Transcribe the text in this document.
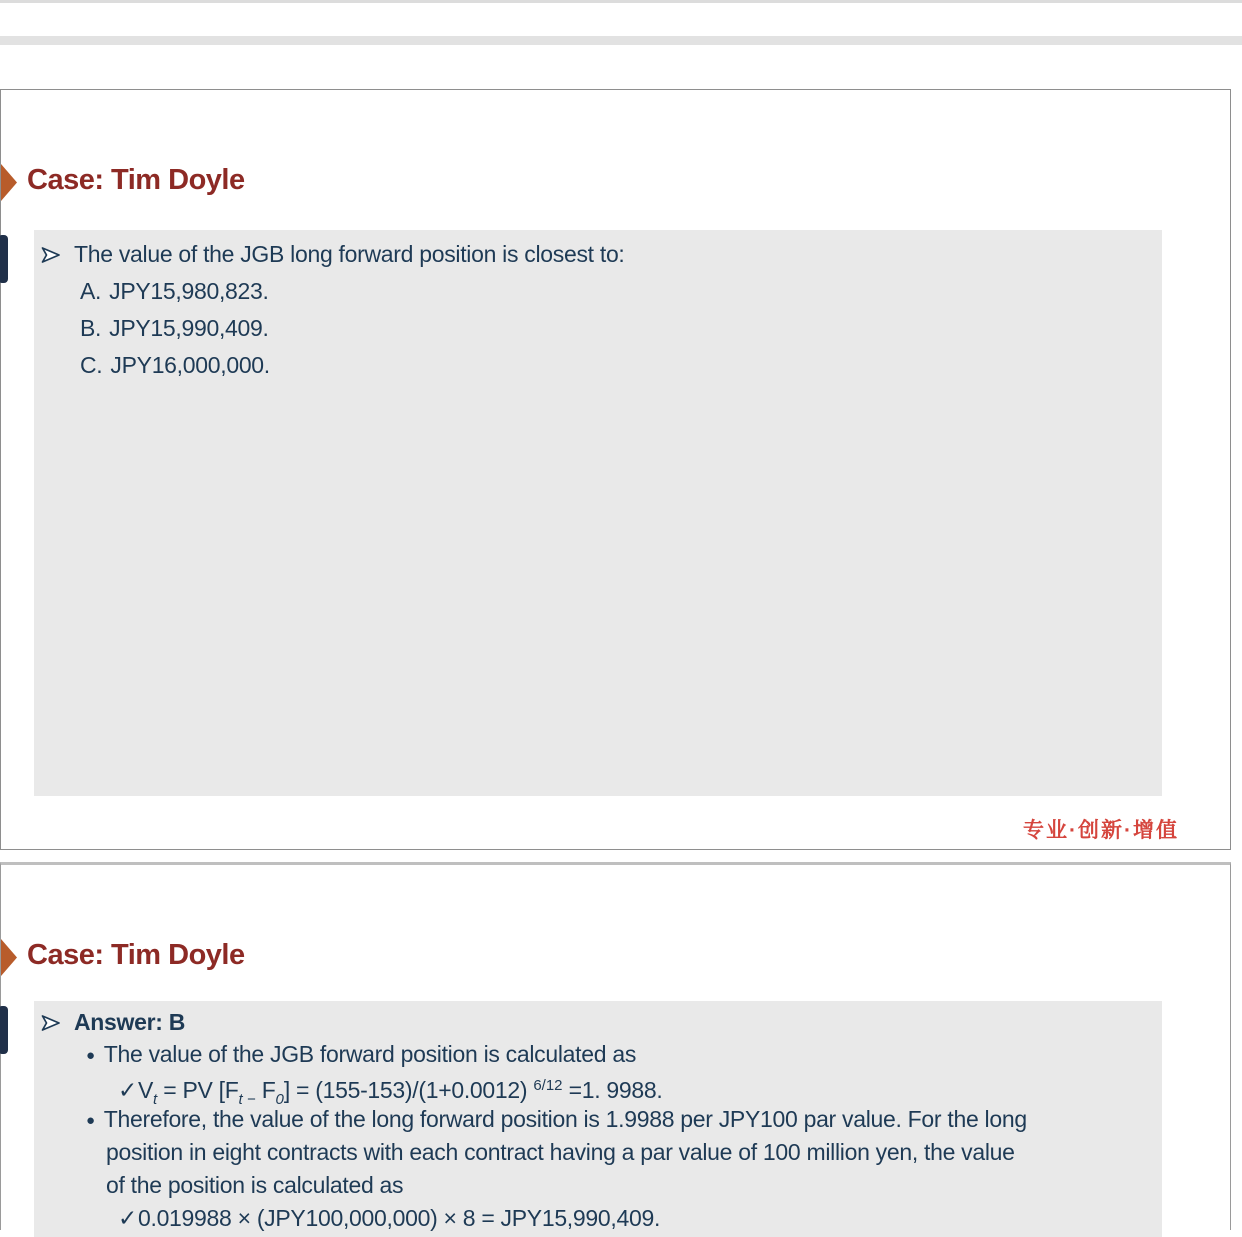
Case: Tim Doyle
The value of the JGB long forward position is closest to:
A. JPY15,980,823.
B. JPY15,990,409.
C. JPY16,000,000.
专业·创新·增值
Case: Tim Doyle
Answer: B
● The value of the JGB forward position is calculated as
$✓V_t$ = PV [$F_{t -}$ $F_0] = (155-153)/(1+0.0012)$ $^{6/12}$ =1. 9988.
● Therefore, the value of the long forward position is 1.9988 per JPY100 par value. For the long
position in eight contracts with each contract having a par value of 100 million yen, the value
of the position is calculated as
✓0.019988 × (JPY100,000,000) × 8 = JPY15,990,409.
